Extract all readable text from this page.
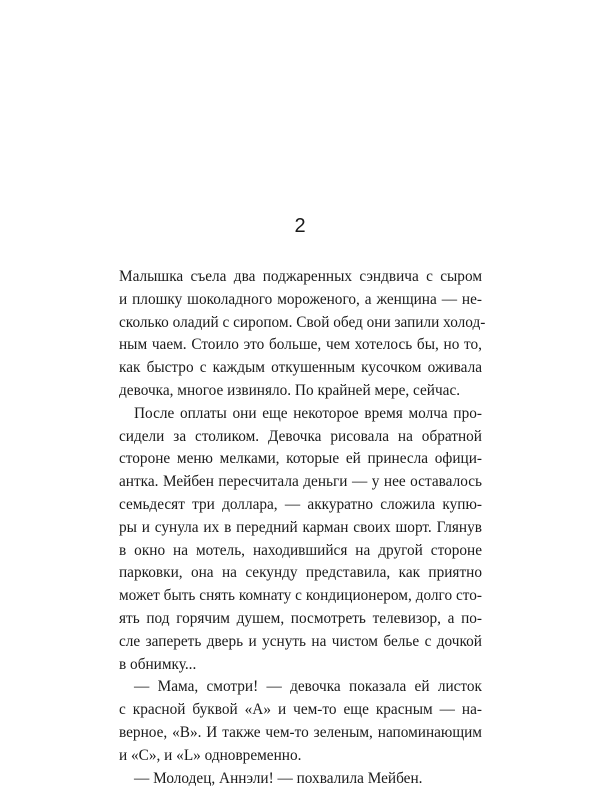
2
Малышка съела два поджаренных сэндвича с сыром
и плошку шоколадного мороженого, а женщина — не-
сколько оладий с сиропом. Свой обед они запили холод-
ным чаем. Стоило это больше, чем хотелось бы, но то,
как быстро с каждым откушенным кусочком оживала
девочка, многое извиняло. По крайней мере, сейчас.
После оплаты они еще некоторое время молча про-
сидели за столиком. Девочка рисовала на обратной
стороне меню мелками, которые ей принесла офици-
антка. Мейбен пересчитала деньги — у нее оставалось
семьдесят три доллара, — аккуратно сложила купю-
ры и сунула их в передний карман своих шорт. Глянув
в окно на мотель, находившийся на другой стороне
парковки, она на секунду представила, как приятно
может быть снять комнату с кондиционером, долго сто-
ять под горячим душем, посмотреть телевизор, а по-
сле запереть дверь и уснуть на чистом белье с дочкой
в обнимку...
— Мама, смотри! — девочка показала ей листок
с красной буквой «А» и чем-то еще красным — на-
верное, «В». И также чем-то зеленым, напоминающим
и «С», и «L» одновременно.
— Молодец, Аннэли! — похвалила Мейбен.
